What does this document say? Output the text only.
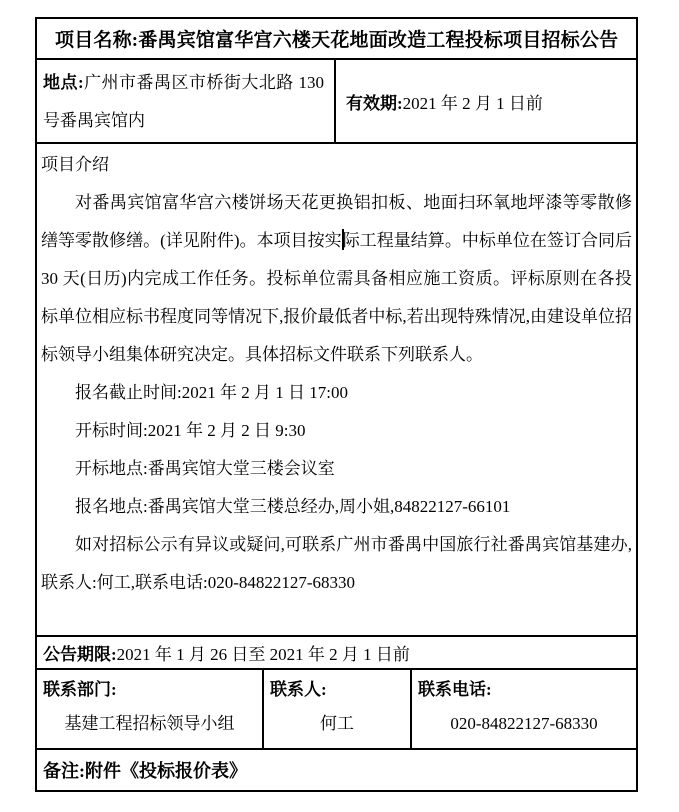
项目名称:番禺宾馆富华宫六楼天花地面改造工程投标项目招标公告
地点:广州市番禺区市桥街大北路 130 号番禺宾馆内
有效期: 2021 年 2 月 1 日前
项目介绍

对番禺宾馆富华宫六楼饼场天花更换铝扣板、地面扫环氧地坪漆等零散修缮等零散修缮。(详见附件)。本项目按实际工程量结算。中标单位在签订合同后 30 天(日历)内完成工作任务。投标单位需具备相应施工资质。评标原则在各投标单位相应标书程度同等情况下,报价最低者中标,若出现特殊情况,由建设单位招标领导小组集体研究决定。具体招标文件联系下列联系人。

报名截止时间:2021 年 2 月 1 日 17:00
开标时间:2021 年 2 月 2 日 9:30
开标地点:番禺宾馆大堂三楼会议室
报名地点:番禺宾馆大堂三楼总经办,周小姐,84822127-66101

如对招标公示有异议或疑问,可联系广州市番禺中国旅行社番禺宾馆基建办,联系人:何工,联系电话:020-84822127-68330

公告期限: 2021 年 1 月 26 日至 2021 年 2 月 1 日前
联系部门:
基建工程招标领导小组
联系人:
何工
联系电话:
020-84822127-68330
备注: 附件《投标报价表》
